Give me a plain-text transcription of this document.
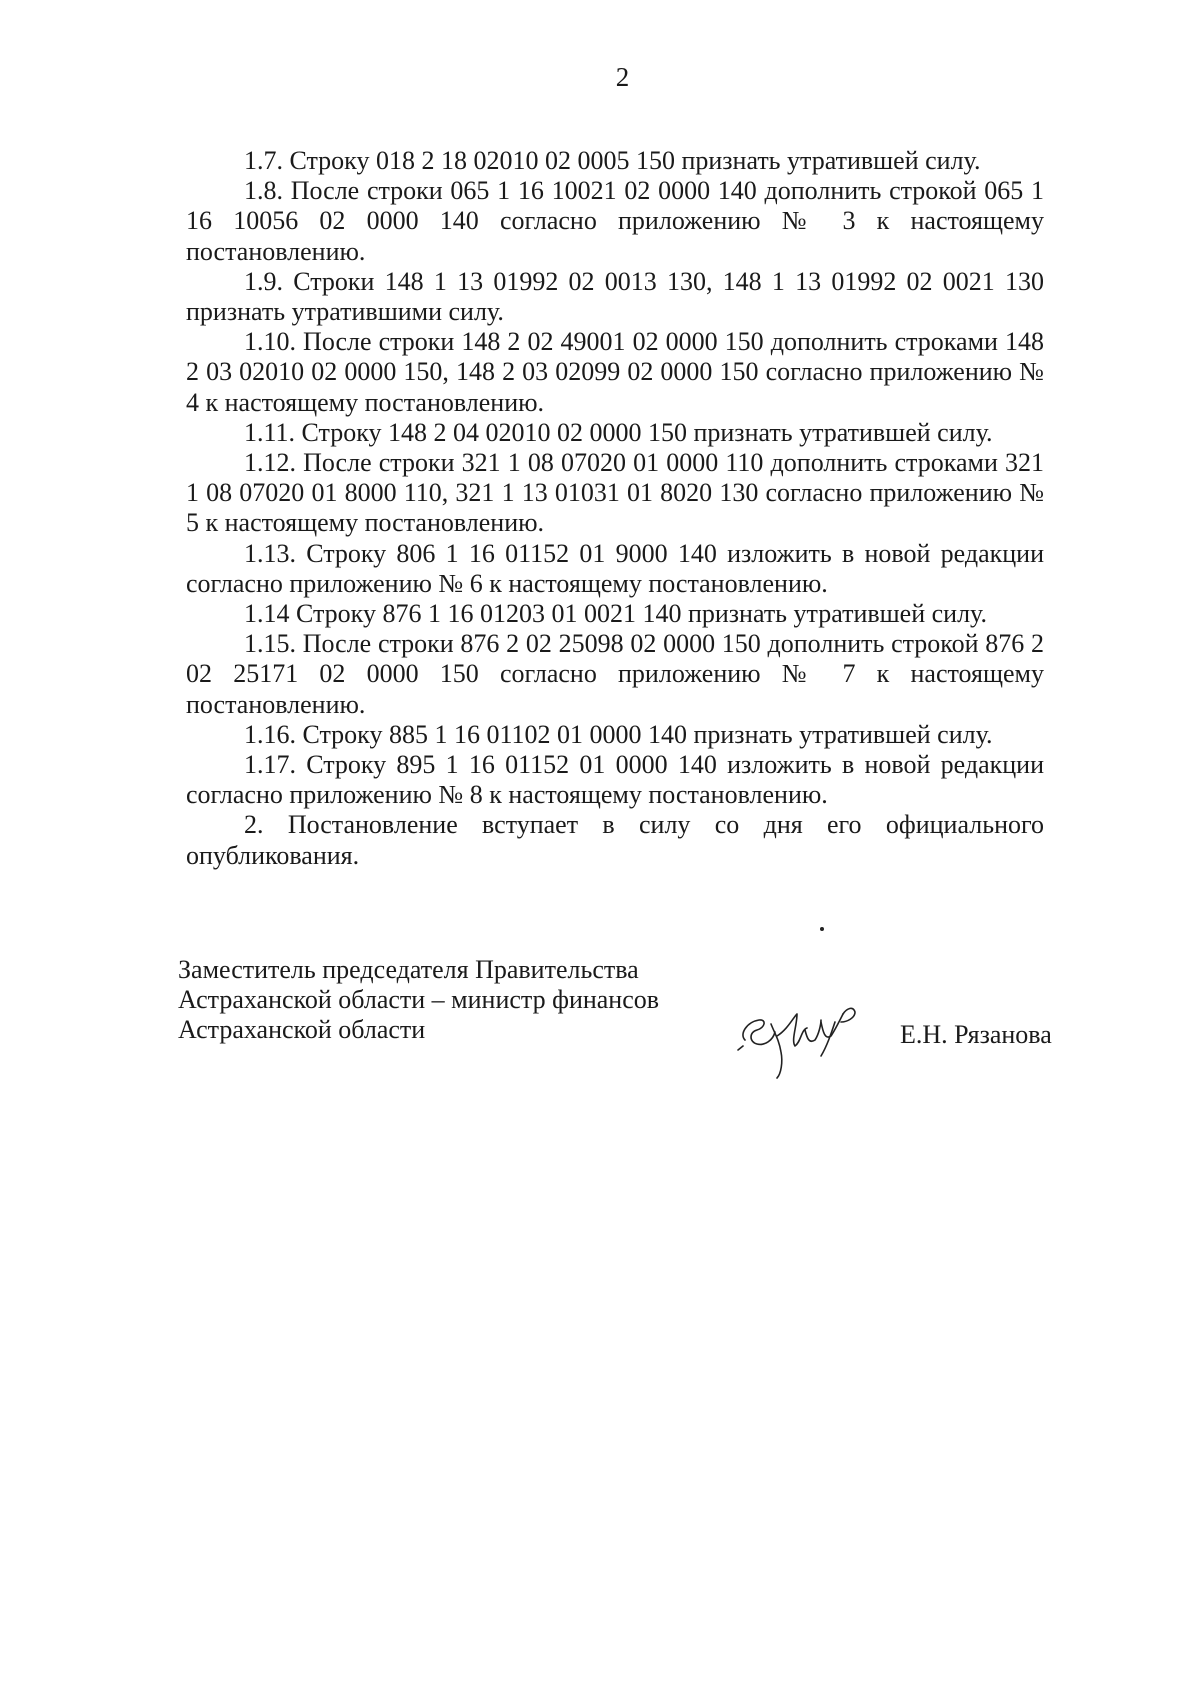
2

1.7. Строку 018 2 18 02010 02 0005 150 признать утратившей силу.

1.8. После строки 065 1 16 10021 02 0000 140 дополнить строкой 065 1 16 10056 02 0000 140 согласно приложению № 3 к настоящему постановлению.

1.9. Строки 148 1 13 01992 02 0013 130, 148 1 13 01992 02 0021 130 признать утратившими силу.

1.10. После строки 148 2 02 49001 02 0000 150 дополнить строками 148 2 03 02010 02 0000 150, 148 2 03 02099 02 0000 150 согласно приложению № 4 к настоящему постановлению.

1.11. Строку 148 2 04 02010 02 0000 150 признать утратившей силу.

1.12. После строки 321 1 08 07020 01 0000 110 дополнить строками 321 1 08 07020 01 8000 110, 321 1 13 01031 01 8020 130 согласно приложению № 5 к настоящему постановлению.

1.13. Строку 806 1 16 01152 01 9000 140 изложить в новой редакции согласно приложению № 6 к настоящему постановлению.

1.14 Строку 876 1 16 01203 01 0021 140 признать утратившей силу.

1.15. После строки 876 2 02 25098 02 0000 150 дополнить строкой 876 2 02 25171 02 0000 150 согласно приложению № 7 к настоящему постановлению.

1.16. Строку 885 1 16 01102 01 0000 140 признать утратившей силу.

1.17. Строку 895 1 16 01152 01 0000 140 изложить в новой редакции согласно приложению № 8 к настоящему постановлению.

2. Постановление вступает в силу со дня его официального опубликования.

Заместитель председателя Правительства
Астраханской области – министр финансов
Астраханской области	Е.Н. Рязанова
